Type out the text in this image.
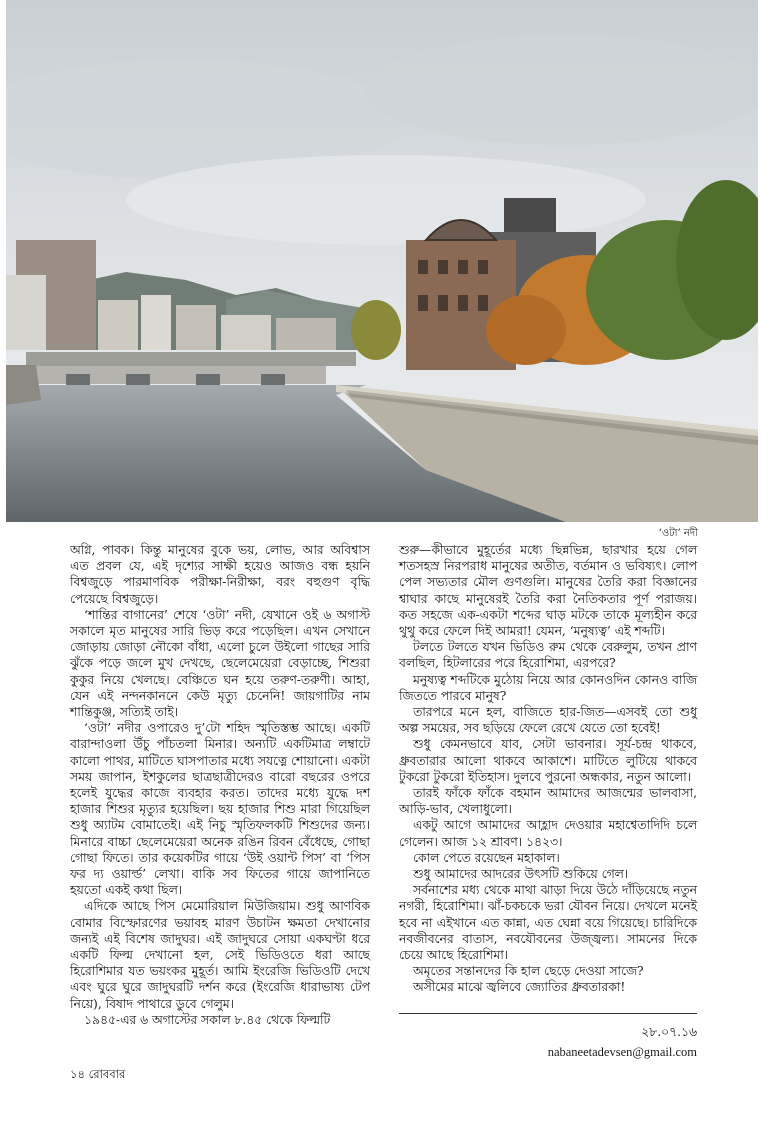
‘ওটা’ নদী

অগ্নি, পাবক। কিন্তু মানুষের বুকে ভয়, লোভ, আর অবিশ্বাস এত প্রবল যে, এই দৃশ্যের সাক্ষী হয়েও আজও বন্ধ হয়নি বিশ্বজুড়ে পারমাণবিক পরীক্ষা-নিরীক্ষা, বরং বহুগুণ বৃদ্ধি পেয়েছে বিশ্বজুড়ে।

‘শান্তির বাগানের’ শেষে ‘ওটা’ নদী, যেখানে ওই ৬ অগাস্ট সকালে মৃত মানুষের সারি ভিড় করে পড়েছিল। এখন সেখানে জোড়ায় জোড়া নৌকো বাঁধা, এলো চুলে উইলো গাছের সারি ঝুঁকে পড়ে জলে মুখ দেখছে, ছেলেমেয়েরা বেড়াচ্ছে, শিশুরা কুকুর নিয়ে খেলছে। বেঞ্চিতে ঘন হয়ে তরুণ-তরুণী। আহা, যেন এই নন্দনকাননে কেউ মৃত্যু চেনেনি! জায়গাটির নাম শান্তিকুঞ্জ, সত্যিই তাই।

‘ওটা’ নদীর ওপারেও দু’টো শহিদ স্মৃতিস্তম্ভ আছে। একটি বারান্দাওলা উঁচু পাঁচতলা মিনার। অন্যটি একটিমাত্র লম্বাটে কালো পাথর, মাটিতে ঘাসপাতার মধ্যে সযত্নে শোয়ানো। একটা সময় জাপান, ইশকুলের ছাত্রছাত্রীদেরও বারো বছরের ওপরে হলেই যুদ্ধের কাজে ব্যবহার করত। তাদের মধ্যে যুদ্ধে দশ হাজার শিশুর মৃত্যুর হয়েছিল। ছয় হাজার শিশু মারা গিয়েছিল শুধু অ্যাটম বোমাতেই। এই নিচু স্মৃতিফলকটি শিশুদের জন্য। মিনারে বাচ্চা ছেলেমেয়েরা অনেক রঙিন রিবন বেঁধেছে, গোছা গোছা ফিতে। তার কয়েকটির গায়ে ‘উই ওয়ান্ট পিস’ বা ‘পিস ফর দ্য ওয়ার্ল্ড’ লেখা। বাকি সব ফিতের গায়ে জাপানিতে হয়তো একই কথা ছিল।

এদিকে আছে পিস মেমোরিয়াল মিউজিয়াম। শুধু আণবিক বোমার বিস্ফোরণের ভয়াবহ মারণ উচাটন ক্ষমতা দেখানোর জন্যই এই বিশেষ জাদুঘর। এই জাদুঘরে সোয়া একঘণ্টা ধরে একটি ফিল্ম দেখানো হল, সেই ভিডিওতে ধরা আছে হিরোশিমার যত ভয়ংকর মুহূর্ত। আমি ইংরেজি ভিডিওটি দেখে এবং ঘুরে ঘুরে জাদুঘরটি দর্শন করে (ইংরেজি ধারাভাষ্য টেপ নিয়ে), বিষাদ পাথারে ডুবে গেলুম।

১৯৪৫-এর ৬ অগাস্টের সকাল ৮.৪৫ থেকে ফিল্মটি

শুরু—কীভাবে মুহূর্তের মধ্যে ছিন্নভিন্ন, ছারখার হয়ে গেল শতসহস্র নিরপরাধ মানুষের অতীত, বর্তমান ও ভবিষ্যৎ। লোপ পেল সভ্যতার মৌল গুণগুলি। মানুষের তৈরি করা বিজ্ঞানের শ্বাঘার কাছে মানুষেরই তৈরি করা নৈতিকতার পূর্ণ পরাজয়। কত সহজে এক-একটা শব্দের ঘাড় মটকে তাকে মূল্যহীন করে থুথু করে ফেলে দিই আমরা! যেমন, ‘মনুষ্যত্ব’ এই শব্দটি।

টলতে টলতে যখন ভিডিও রুম থেকে বেরুলুম, তখন প্রাণ বলছিল, হিটলারের পরে হিরোশিমা, এরপরে?

মনুষ্যত্ব শব্দটিকে মুঠোয় নিয়ে আর কোনওদিন কোনও বাজি জিততে পারবে মানুষ?

তারপরে মনে হল, বাজিতে হার-জিত—এসবই তো শুধু অল্প সময়ের, সব ছড়িয়ে ফেলে রেখে যেতে তো হবেই!

শুধু কেমনভাবে যাব, সেটা ভাবনার। সূর্য-চন্দ্র থাকবে, ধ্রুবতারার আলো থাকবে আকাশে। মাটিতে লুটিয়ে থাকবে টুকরো টুকরো ইতিহাস। দুলবে পুরনো অন্ধকার, নতুন আলো।

তারই ফাঁকে ফাঁকে বহমান আমাদের আজন্মের ভালবাসা, আড়ি-ভাব, খেলাধুলো।

একটু আগে আমাদের আহ্লাদ দেওয়ার মহাশ্বেতাদিদি চলে গেলেন। আজ ১২ শ্রাবণ। ১৪২৩।

কোল পেতে রয়েছেন মহাকাল।

শুধু আমাদের আদরের উৎসটি শুকিয়ে গেল।

সর্বনাশের মধ্য থেকে মাথা ঝাড়া দিয়ে উঠে দাঁড়িয়েছে নতুন নগরী, হিরোশিমা। ঝাঁ-চকচকে ভরা যৌবন নিয়ে। দেখলে মনেই হবে না এইখানে এত কান্না, এত ঘেন্না বয়ে গিয়েছে। চারিদিকে নবজীবনের বাতাস, নবযৌবনের উজ্জ্বল্য। সামনের দিকে চেয়ে আছে হিরোশিমা।

অমৃতের সন্তানদের কি হাল ছেড়ে দেওয়া সাজে?

অসীমের মাঝে জ্বলিবে জ্যোতির ধ্রুবতারকা!

২৮.০৭.১৬
nabaneetadevsen@gmail.com
১৪ রোববার
